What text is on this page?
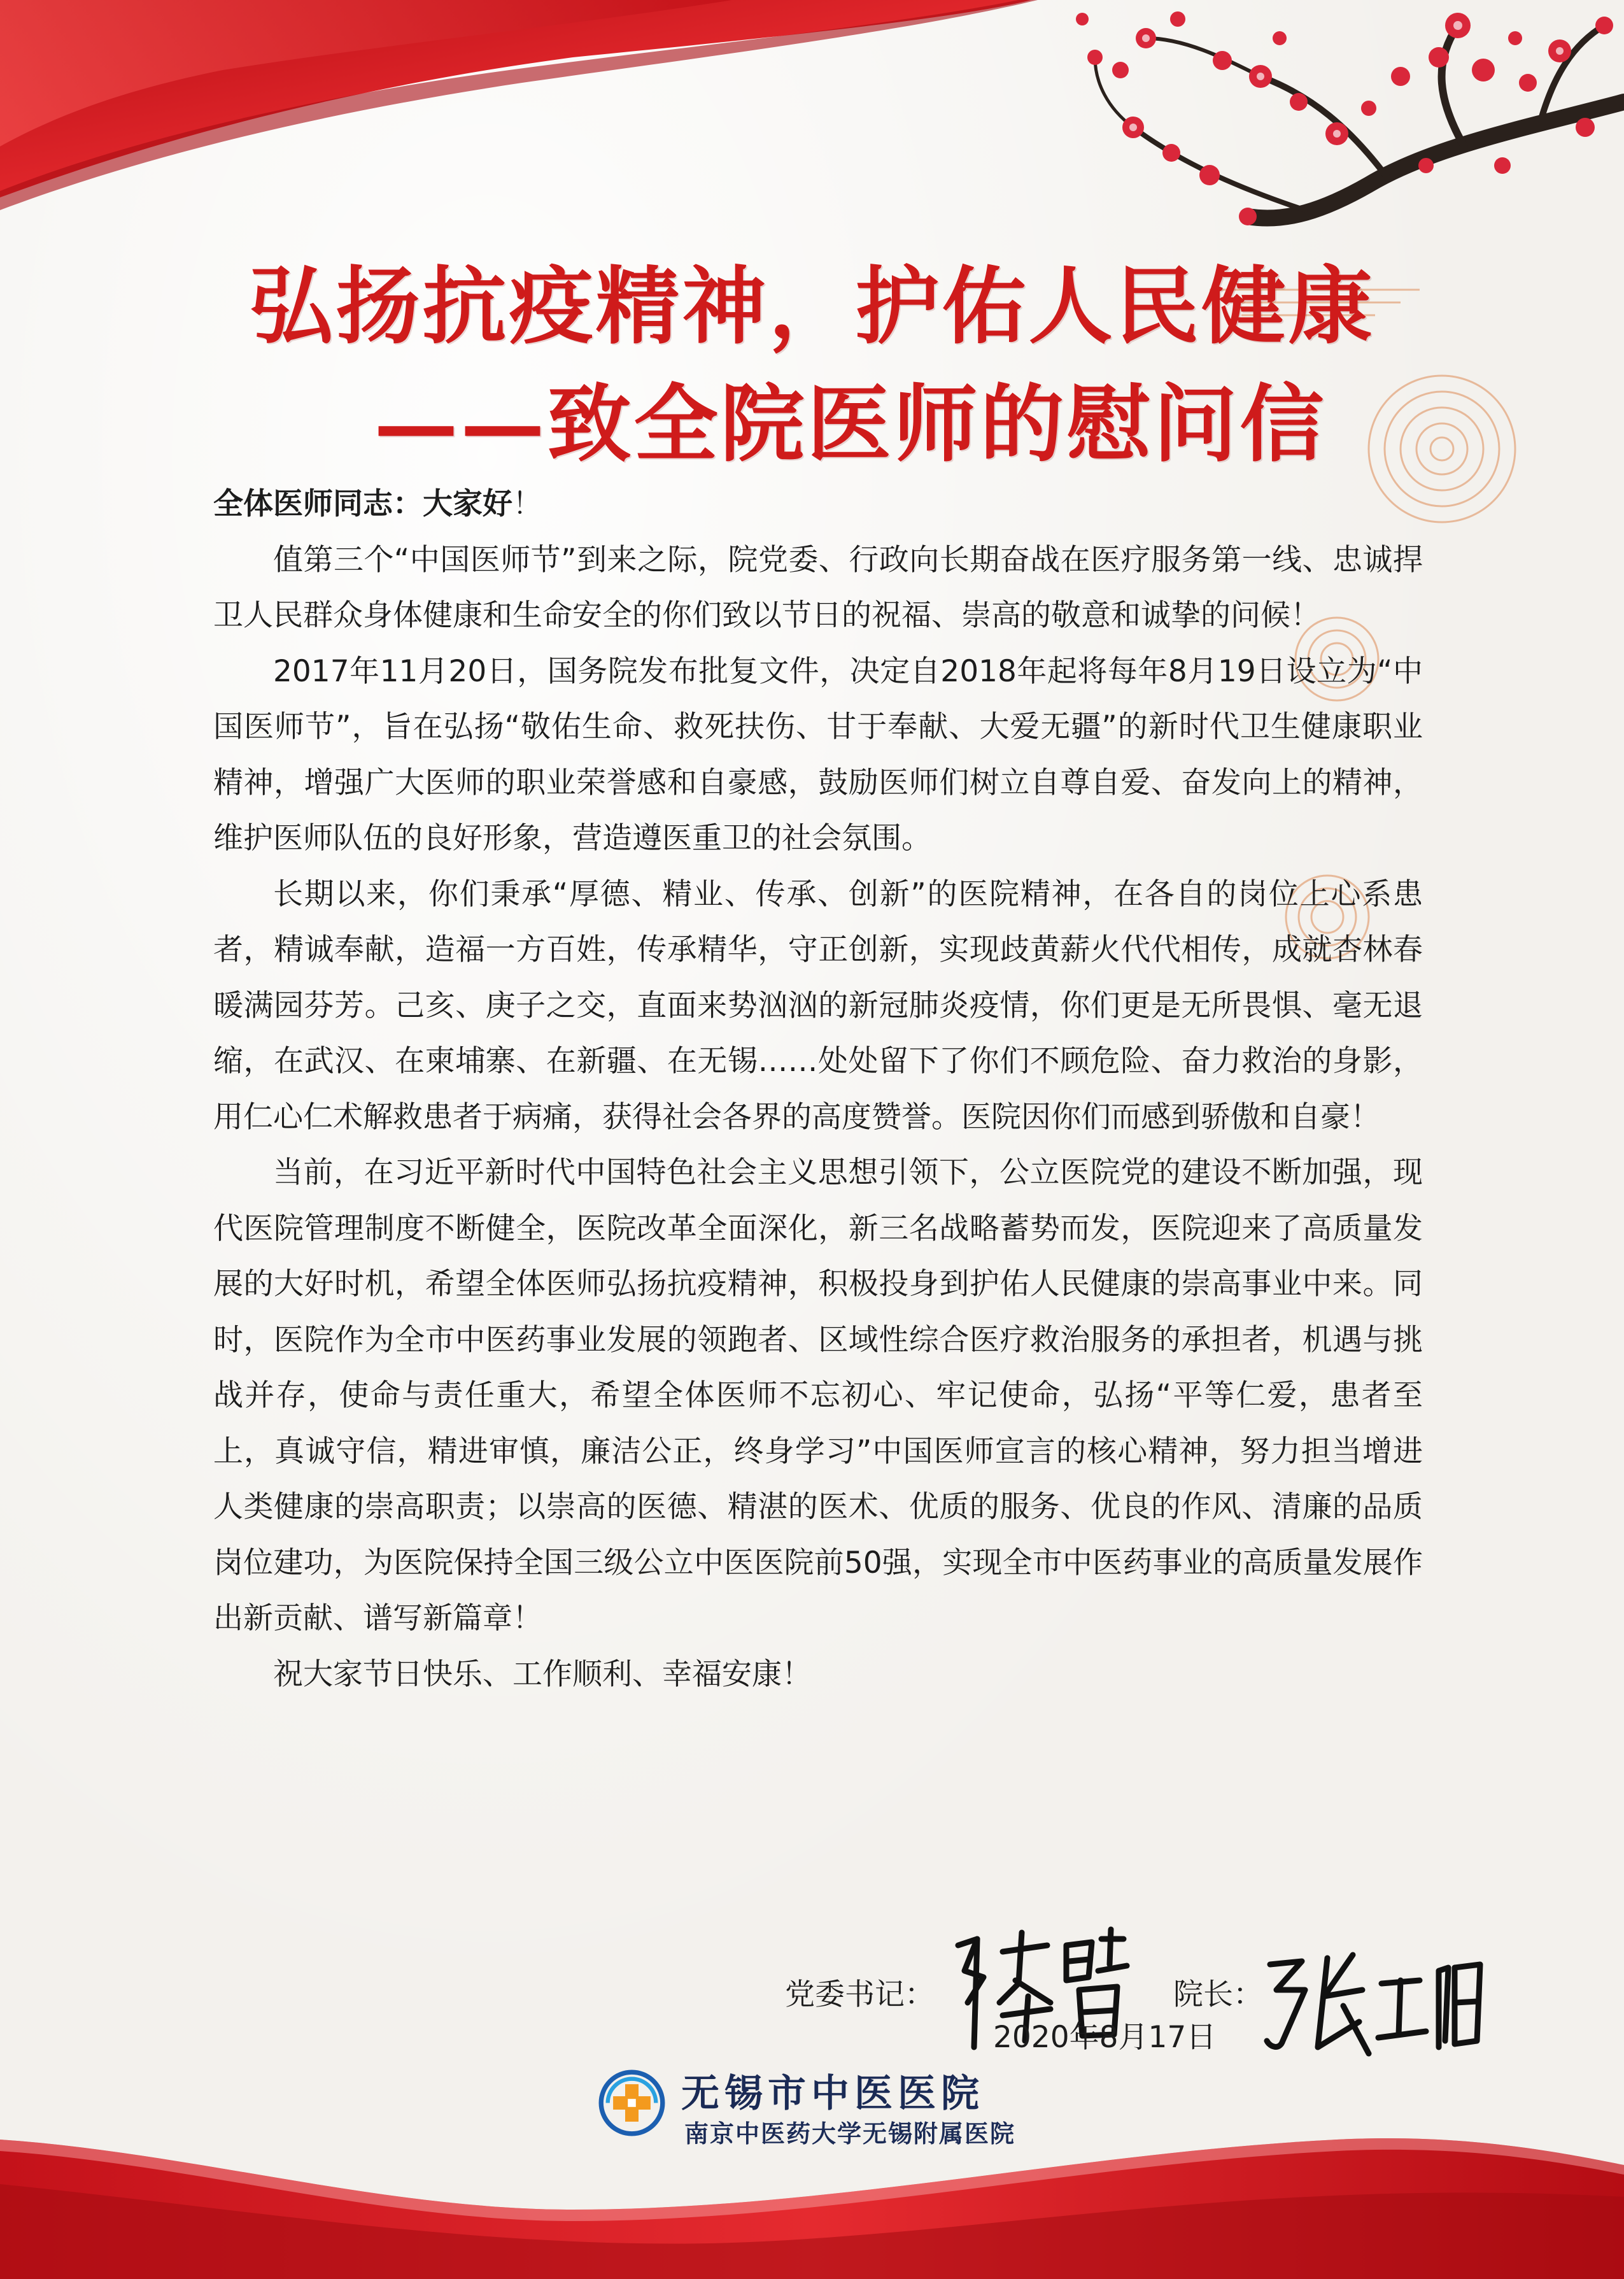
弘扬抗疫精神，护佑人民健康
——致全院医师的慰问信

全体医师同志：大家好！

值第三个“中国医师节”到来之际，院党委、行政向长期奋战在医疗服务第一线、忠诚捍卫人民群众身体健康和生命安全的你们致以节日的祝福、崇高的敬意和诚挚的问候！

2017年11月20日，国务院发布批复文件，决定自2018年起将每年8月19日设立为“中国医师节”，旨在弘扬“敬佑生命、救死扶伤、甘于奉献、大爱无疆”的新时代卫生健康职业精神，增强广大医师的职业荣誉感和自豪感，鼓励医师们树立自尊自爱、奋发向上的精神，维护医师队伍的良好形象，营造遵医重卫的社会氛围。

长期以来，你们秉承“厚德、精业、传承、创新”的医院精神，在各自的岗位上心系患者，精诚奉献，造福一方百姓，传承精华，守正创新，实现歧黄薪火代代相传，成就杏林春暖满园芬芳。己亥、庚子之交，直面来势汹汹的新冠肺炎疫情，你们更是无所畏惧、毫无退缩，在武汉、在柬埔寨、在新疆、在无锡……处处留下了你们不顾危险、奋力救治的身影，用仁心仁术解救患者于病痛，获得社会各界的高度赞誉。医院因你们而感到骄傲和自豪！

当前，在习近平新时代中国特色社会主义思想引领下，公立医院党的建设不断加强，现代医院管理制度不断健全，医院改革全面深化，新三名战略蓄势而发，医院迎来了高质量发展的大好时机，希望全体医师弘扬抗疫精神，积极投身到护佑人民健康的崇高事业中来。同时，医院作为全市中医药事业发展的领跑者、区域性综合医疗救治服务的承担者，机遇与挑战并存，使命与责任重大，希望全体医师不忘初心、牢记使命，弘扬“平等仁爱，患者至上，真诚守信，精进审慎，廉洁公正，终身学习”中国医师宣言的核心精神，努力担当增进人类健康的崇高职责；以崇高的医德、精湛的医术、优质的服务、优良的作风、清廉的品质岗位建功，为医院保持全国三级公立中医医院前50强，实现全市中医药事业的高质量发展作出新贡献、谱写新篇章！

祝大家节日快乐、工作顺利、幸福安康！

党委书记：	院长：
2020年8月17日
无锡市中医医院
南京中医药大学无锡附属医院
